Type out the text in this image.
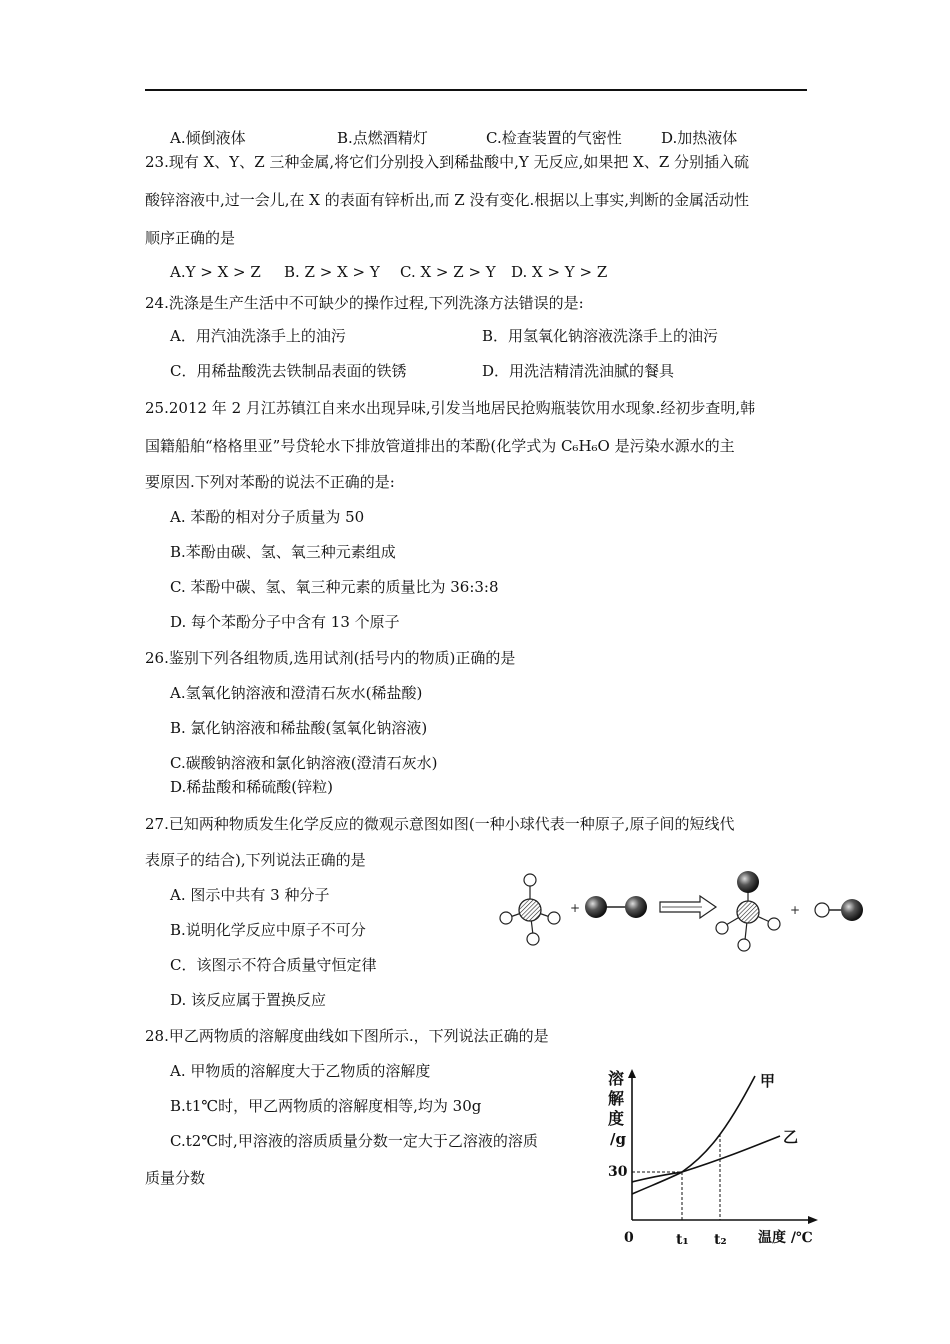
A.倾倒液体	B.点燃酒精灯	C.检查装置的气密性	D.加热液体
23.现有 X、Y、Z 三种金属,将它们分别投入到稀盐酸中,Y 无反应,如果把 X、Z 分别插入硫
酸锌溶液中,过一会儿,在 X 的表面有锌析出,而 Z 没有变化.根据以上事实,判断的金属活动性
顺序正确的是
A.Y > X > Z B. Z > X > Y C. X > Z > Y D. X > Y > Z
24.洗涤是生产生活中不可缺少的操作过程,下列洗涤方法错误的是:
A．用汽油洗涤手上的油污	B．用氢氧化钠溶液洗涤手上的油污
C．用稀盐酸洗去铁制品表面的铁锈	D．用洗洁精清洗油腻的餐具
25.2012 年 2 月江苏镇江自来水出现异味,引发当地居民抢购瓶装饮用水现象.经初步查明,韩
国籍船舶“格格里亚”号贷轮水下排放管道排出的苯酚(化学式为 C₆H₆O 是污染水源水的主
要原因.下列对苯酚的说法不正确的是:
A. 苯酚的相对分子质量为 50
B.苯酚由碳、氢、氧三种元素组成
C. 苯酚中碳、氢、氧三种元素的质量比为 36:3:8
D. 每个苯酚分子中含有 13 个原子
26.鉴别下列各组物质,选用试剂(括号内的物质)正确的是
A.氢氧化钠溶液和澄清石灰水(稀盐酸)
B. 氯化钠溶液和稀盐酸(氢氧化钠溶液)
C.碳酸钠溶液和氯化钠溶液(澄清石灰水)
D.稀盐酸和稀硫酸(锌粒)
27.已知两种物质发生化学反应的微观示意图如图(一种小球代表一种原子,原子间的短线代
表原子的结合),下列说法正确的是
A. 图示中共有 3 种分子
B.说明化学反应中原子不可分
C．该图示不符合质量守恒定律
D. 该反应属于置换反应
+	+
28.甲乙两物质的溶解度曲线如下图所示.，下列说法正确的是
A. 甲物质的溶解度大于乙物质的溶解度
B.t1℃时，甲乙两物质的溶解度相等,均为 30g
C.t2℃时,甲溶液的溶质质量分数一定大于乙溶液的溶质
质量分数
溶
解
度
/g
0
30
t₁ t₂ 温度 /℃
甲
乙
